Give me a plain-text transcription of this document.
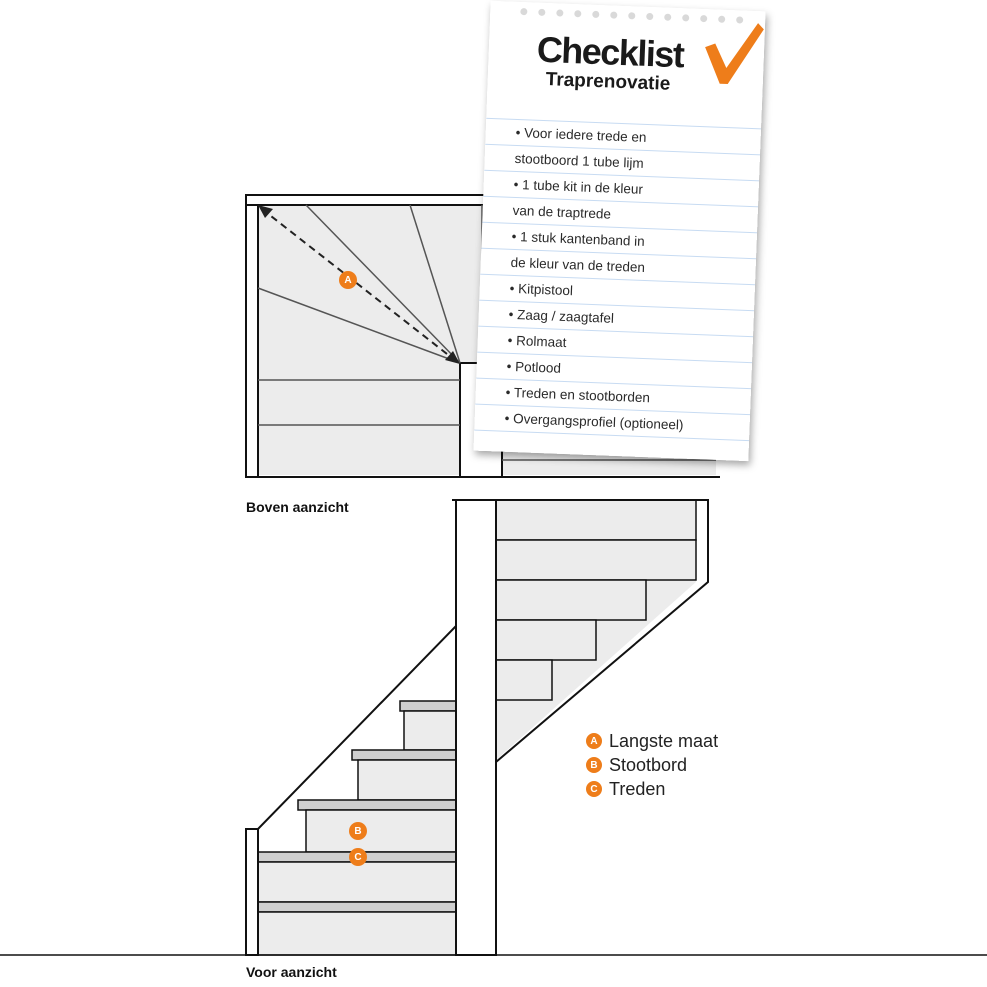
A
B
C
Boven aanzicht
Voor aanzicht
Checklist
Traprenovatie
• Voor iedere trede en
stootboord 1 tube lijm
• 1 tube kit in de kleur
van de traptrede
• 1 stuk kantenband in
de kleur van de treden
• Kitpistool
• Zaag / zaagtafel
• Rolmaat
• Potlood
• Treden en stootborden
• Overgangsprofiel (optioneel)
A Langste maat
B Stootbord
C Treden
